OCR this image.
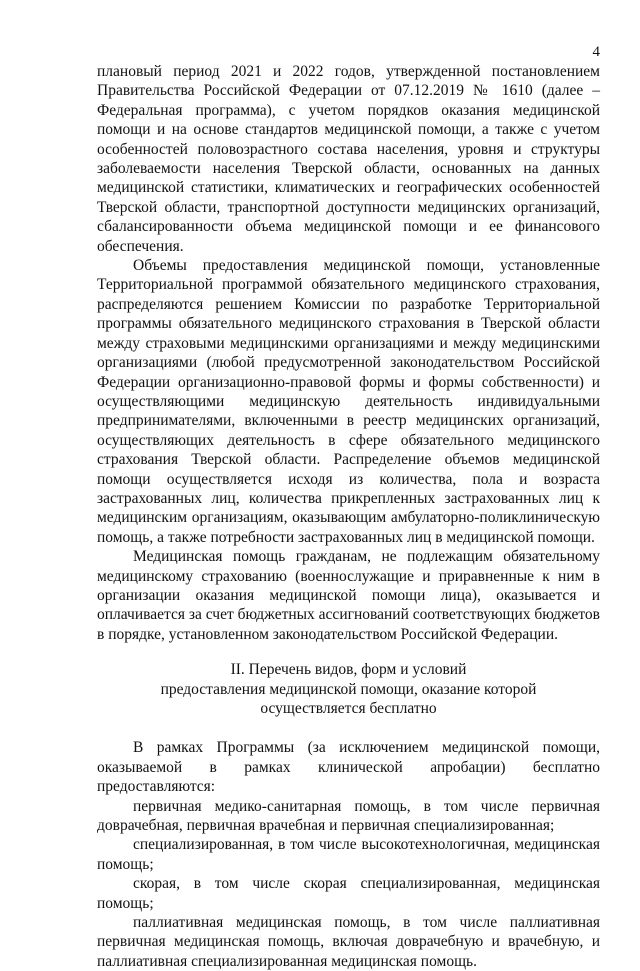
4

плановый период 2021 и 2022 годов, утвержденной постановлением Правительства Российской Федерации от 07.12.2019 № 1610 (далее – Федеральная программа), с учетом порядков оказания медицинской помощи и на основе стандартов медицинской помощи, а также с учетом особенностей половозрастного состава населения, уровня и структуры заболеваемости населения Тверской области, основанных на данных медицинской статистики, климатических и географических особенностей Тверской области, транспортной доступности медицинских организаций, сбалансированности объема медицинской помощи и ее финансового обеспечения.

Объемы предоставления медицинской помощи, установленные Территориальной программой обязательного медицинского страхования, распределяются решением Комиссии по разработке Территориальной программы обязательного медицинского страхования в Тверской области между страховыми медицинскими организациями и между медицинскими организациями (любой предусмотренной законодательством Российской Федерации организационно-правовой формы и формы собственности) и осуществляющими медицинскую деятельность индивидуальными предпринимателями, включенными в реестр медицинских организаций, осуществляющих деятельность в сфере обязательного медицинского страхования Тверской области. Распределение объемов медицинской помощи осуществляется исходя из количества, пола и возраста застрахованных лиц, количества прикрепленных застрахованных лиц к медицинским организациям, оказывающим амбулаторно-поликлиническую помощь, а также потребности застрахованных лиц в медицинской помощи.

Медицинская помощь гражданам, не подлежащим обязательному медицинскому страхованию (военнослужащие и приравненные к ним в организации оказания медицинской помощи лица), оказывается и оплачивается за счет бюджетных ассигнований соответствующих бюджетов в порядке, установленном законодательством Российской Федерации.

II. Перечень видов, форм и условий
предоставления медицинской помощи, оказание которой
осуществляется бесплатно

В рамках Программы (за исключением медицинской помощи, оказываемой в рамках клинической апробации) бесплатно предоставляются:

первичная медико-санитарная помощь, в том числе первичная доврачебная, первичная врачебная и первичная специализированная;

специализированная, в том числе высокотехнологичная, медицинская помощь;

скорая, в том числе скорая специализированная, медицинская помощь;

паллиативная медицинская помощь, в том числе паллиативная первичная медицинская помощь, включая доврачебную и врачебную, и паллиативная специализированная медицинская помощь.
